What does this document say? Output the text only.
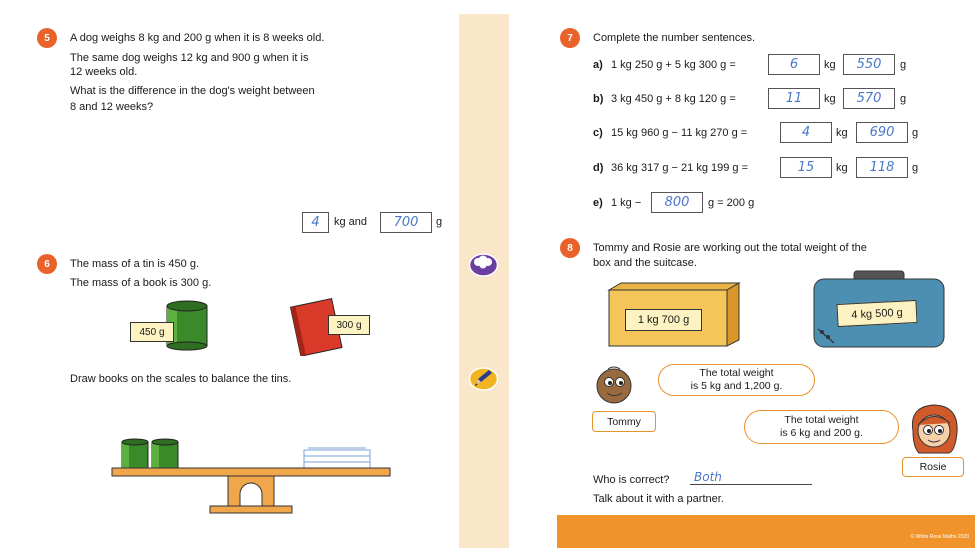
5	A dog weighs 8 kg and 200 g when it is 8 weeks old.
The same dog weighs 12 kg and 900 g when it is
12 weeks old.
What is the difference in the dog's weight between
8 and 12 weeks?
4	kg and	700	g
6	The mass of a tin is 450 g.
The mass of a book is 300 g.
450 g
300 g
Draw books on the scales to balance the tins.
7	Complete the number sentences.
a) 1 kg 250 g + 5 kg 300 g =	6	kg	550	g
b) 3 kg 450 g + 8 kg 120 g =	11	kg	570	g
c) 15 kg 960 g − 11 kg 270 g =	4	kg	690	g
d) 36 kg 317 g − 21 kg 199 g =	15	kg	118	g
e) 1 kg −	800	g = 200 g
8	Tommy and Rosie are working out the total weight of the
box and the suitcase.
1 kg 700 g	4 kg 500 g
The total weight
is 5 kg and 1,200 g.
Tommy	The total weight
is 6 kg and 200 g.
Rosie
Who is correct?	Both
Talk about it with a partner.
© White Rose Maths 2020
